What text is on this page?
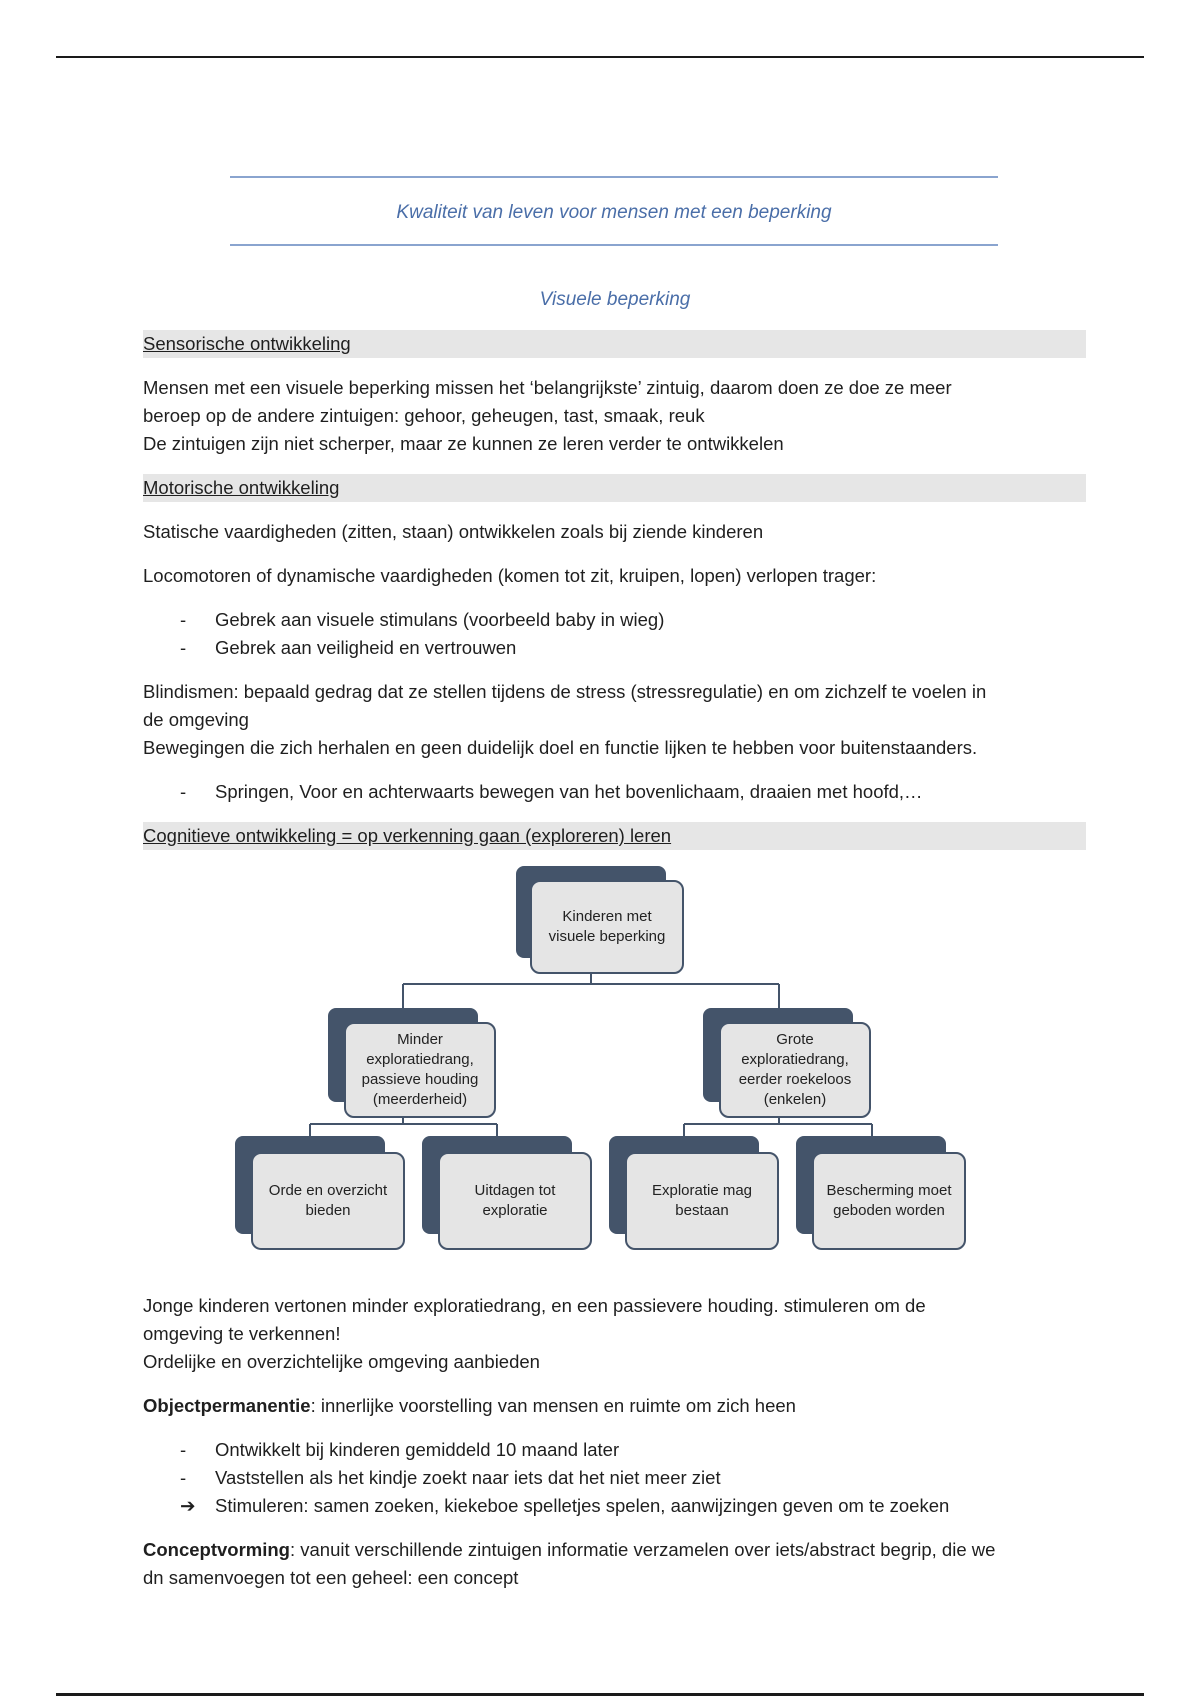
Kwaliteit van leven voor mensen met een beperking
Visuele beperking
Sensorische ontwikkeling

Mensen met een visuele beperking missen het ‘belangrijkste’ zintuig, daarom doen ze doe ze meer
beroep op de andere zintuigen: gehoor, geheugen, tast, smaak, reuk
De zintuigen zijn niet scherper, maar ze kunnen ze leren verder te ontwikkelen

Motorische ontwikkeling

Statische vaardigheden (zitten, staan) ontwikkelen zoals bij ziende kinderen

Locomotoren of dynamische vaardigheden (komen tot zit, kruipen, lopen) verlopen trager:

-	Gebrek aan visuele stimulans (voorbeeld baby in wieg)
-	Gebrek aan veiligheid en vertrouwen

Blindismen: bepaald gedrag dat ze stellen tijdens de stress (stressregulatie) en om zichzelf te voelen in
de omgeving
Bewegingen die zich herhalen en geen duidelijk doel en functie lijken te hebben voor buitenstaanders.

-	Springen, Voor en achterwaarts bewegen van het bovenlichaam, draaien met hoofd,…
Cognitieve ontwikkeling = op verkenning gaan (exploreren) leren
Kinderen met visuele beperking
Minder exploratiedrang, passieve houding (meerderheid)
Grote exploratiedrang, eerder roekeloos (enkelen)
Orde en overzicht bieden
Uitdagen tot exploratie
Exploratie mag bestaan
Bescherming moet geboden worden

Jonge kinderen vertonen minder exploratiedrang, en een passievere houding. stimuleren om de
omgeving te verkennen!
Ordelijke en overzichtelijke omgeving aanbieden

Objectpermanentie: innerlijke voorstelling van mensen en ruimte om zich heen

-	Ontwikkelt bij kinderen gemiddeld 10 maand later
-	Vaststellen als het kindje zoekt naar iets dat het niet meer ziet
➔ Stimuleren: samen zoeken, kiekeboe spelletjes spelen, aanwijzingen geven om te zoeken

Conceptvorming: vanuit verschillende zintuigen informatie verzamelen over iets/abstract begrip, die we
dn samenvoegen tot een geheel: een concept
